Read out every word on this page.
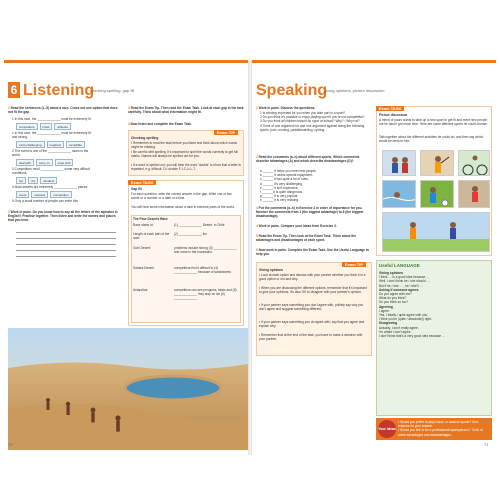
6 Listening
checking spelling, gap fill
1 Read the sentences (1–5) about a race. Cross out one option that does not fit the gap.
1 In this race, the _____________ must be extremely fit
competitors	limits	athletes
1 In this race, the _____________ must be extremely fit
and strong.
most challenging	toughest	incredible
2 The event is one of the _____________ races in the
world.
deal with	carry on	cope with
3 Competitors must _____________ some very difficult
conditions.
hot	dry	windiest
4 Most deserts are extremely _____________ places.
event	success	competition
5 Only a small number of people can enter this
2 Work in pairs. Do you know how to say all the letters of the alphabet in English? Practise together. Then listen and write the names and places that you hear.
3 Read the Exam Tip. Then read the Exam Task. Look at each gap in the task carefully. Think about what information might fit.
4 Now listen and complete the Exam Task.
Exam TIP
Checking spelling
• Remember to read the task before you listen and think about which words might be missing.
• Be careful with spelling. It's important to spell the words correctly to get full marks. Names will always be spelled out for you.
• If a word is spelled out, you will hear the word 'double' to show that a letter is repeated, e.g. difficult: D-I double F-I-C-U-L-T.
Exam TASK
Gap fill
For each question, write the correct answer in the gap. Write one or two words or a number or a date or a time.
You will hear some information about a race in extreme parts of the world.
The Four Deserts Race
Race starts in:	(1) _____________ Desert, in Chile
Length of each part of the race:
(2) _____________ km
Gobi Desert:	problems include strong (3) _____________ and snow in the mountains
Sahara Desert:	competitors find it difficult to (4) _____________ because of sandstorms
Antarctica:	competitors can see penguins, seals and (5) _____________ they stay on ice (6) _____________
70
Speaking
giving opinions, picture discussion
1 Work in pairs. Discuss the questions.
1 Is winning important for you when you take part in a sport?
2 Do you think it's possible to enjoy playing sport if you're not competitive?
3 Do you think all children should do sport at school? Why? / Why not?
4 Think of one argument for and one argument against doing the following sports: judo, running, paddleboarding, cycling.
2 Read the comments (a–h) about different sports. Which comments describe advantages (A) and which describe disadvantages (D)?
a ______ It helps you meet new people.
b ______ It needs special equipment.
c ______ It has quite a lot of rules.
d ______ It's very challenging.
e ______ It isn't expensive.
f ______ It is quite dangerous.
g ______ It is very popular.
h ______ It is very relaxing.
3 Put the comments (a–h) in Exercise 2 in order of importance for you. Number the comments from 1 (the biggest advantage) to 8 (the biggest disadvantage).
4 Work in pairs. Compare your ideas from Exercise 3.
5 Read the Exam Tip. Then look at the Exam Task. Think about the advantages and disadvantages of each sport.
6 Now work in pairs. Complete the Exam Task. Use the Useful Language to help you.
Exam TIP
Giving opinions
• Look at each option and discuss with your partner whether you think it is a good option or not and why.
• When you are discussing the different options, remember that it's important to give your opinions. It's also OK to disagree with your partner's opinion.
• If your partner says something you don't agree with, politely say why you don't agree and suggest something different.
• If your partner says something you do agree with, say that you agree and explain why.
• Remember that at the end of the task, you have to make a decision with your partner.
Exam TASK
Picture discussion
A friend of yours wants to take up a new sport to get fit and meet new people, but he hasn't got much time. Here are some different sports he could choose.
Talk together about the different activities he could do, and then say which would be best for him.
Useful LANGUAGE
Giving opinions
I think … is a good idea because …
Well, I don't think he / she should …
But if he / she … , he / she'll …
Asking if someone agrees
Do you agree with me?
What do you think?
Do you think so too?
Agreeing
I agree.
Yes, I totally / quite agree with you.
I think you're (quite / absolutely) right.
Disagreeing
Actually, I don't really agree.
I'm afraid I don't agree.
I don't think that's a very good idea because …
Your ideas
• Would you prefer to play indoor or outdoor sports? Give reasons for your answer.
• Would you like to be a professional sportsperson? Think of some advantages and disadvantages.
71
